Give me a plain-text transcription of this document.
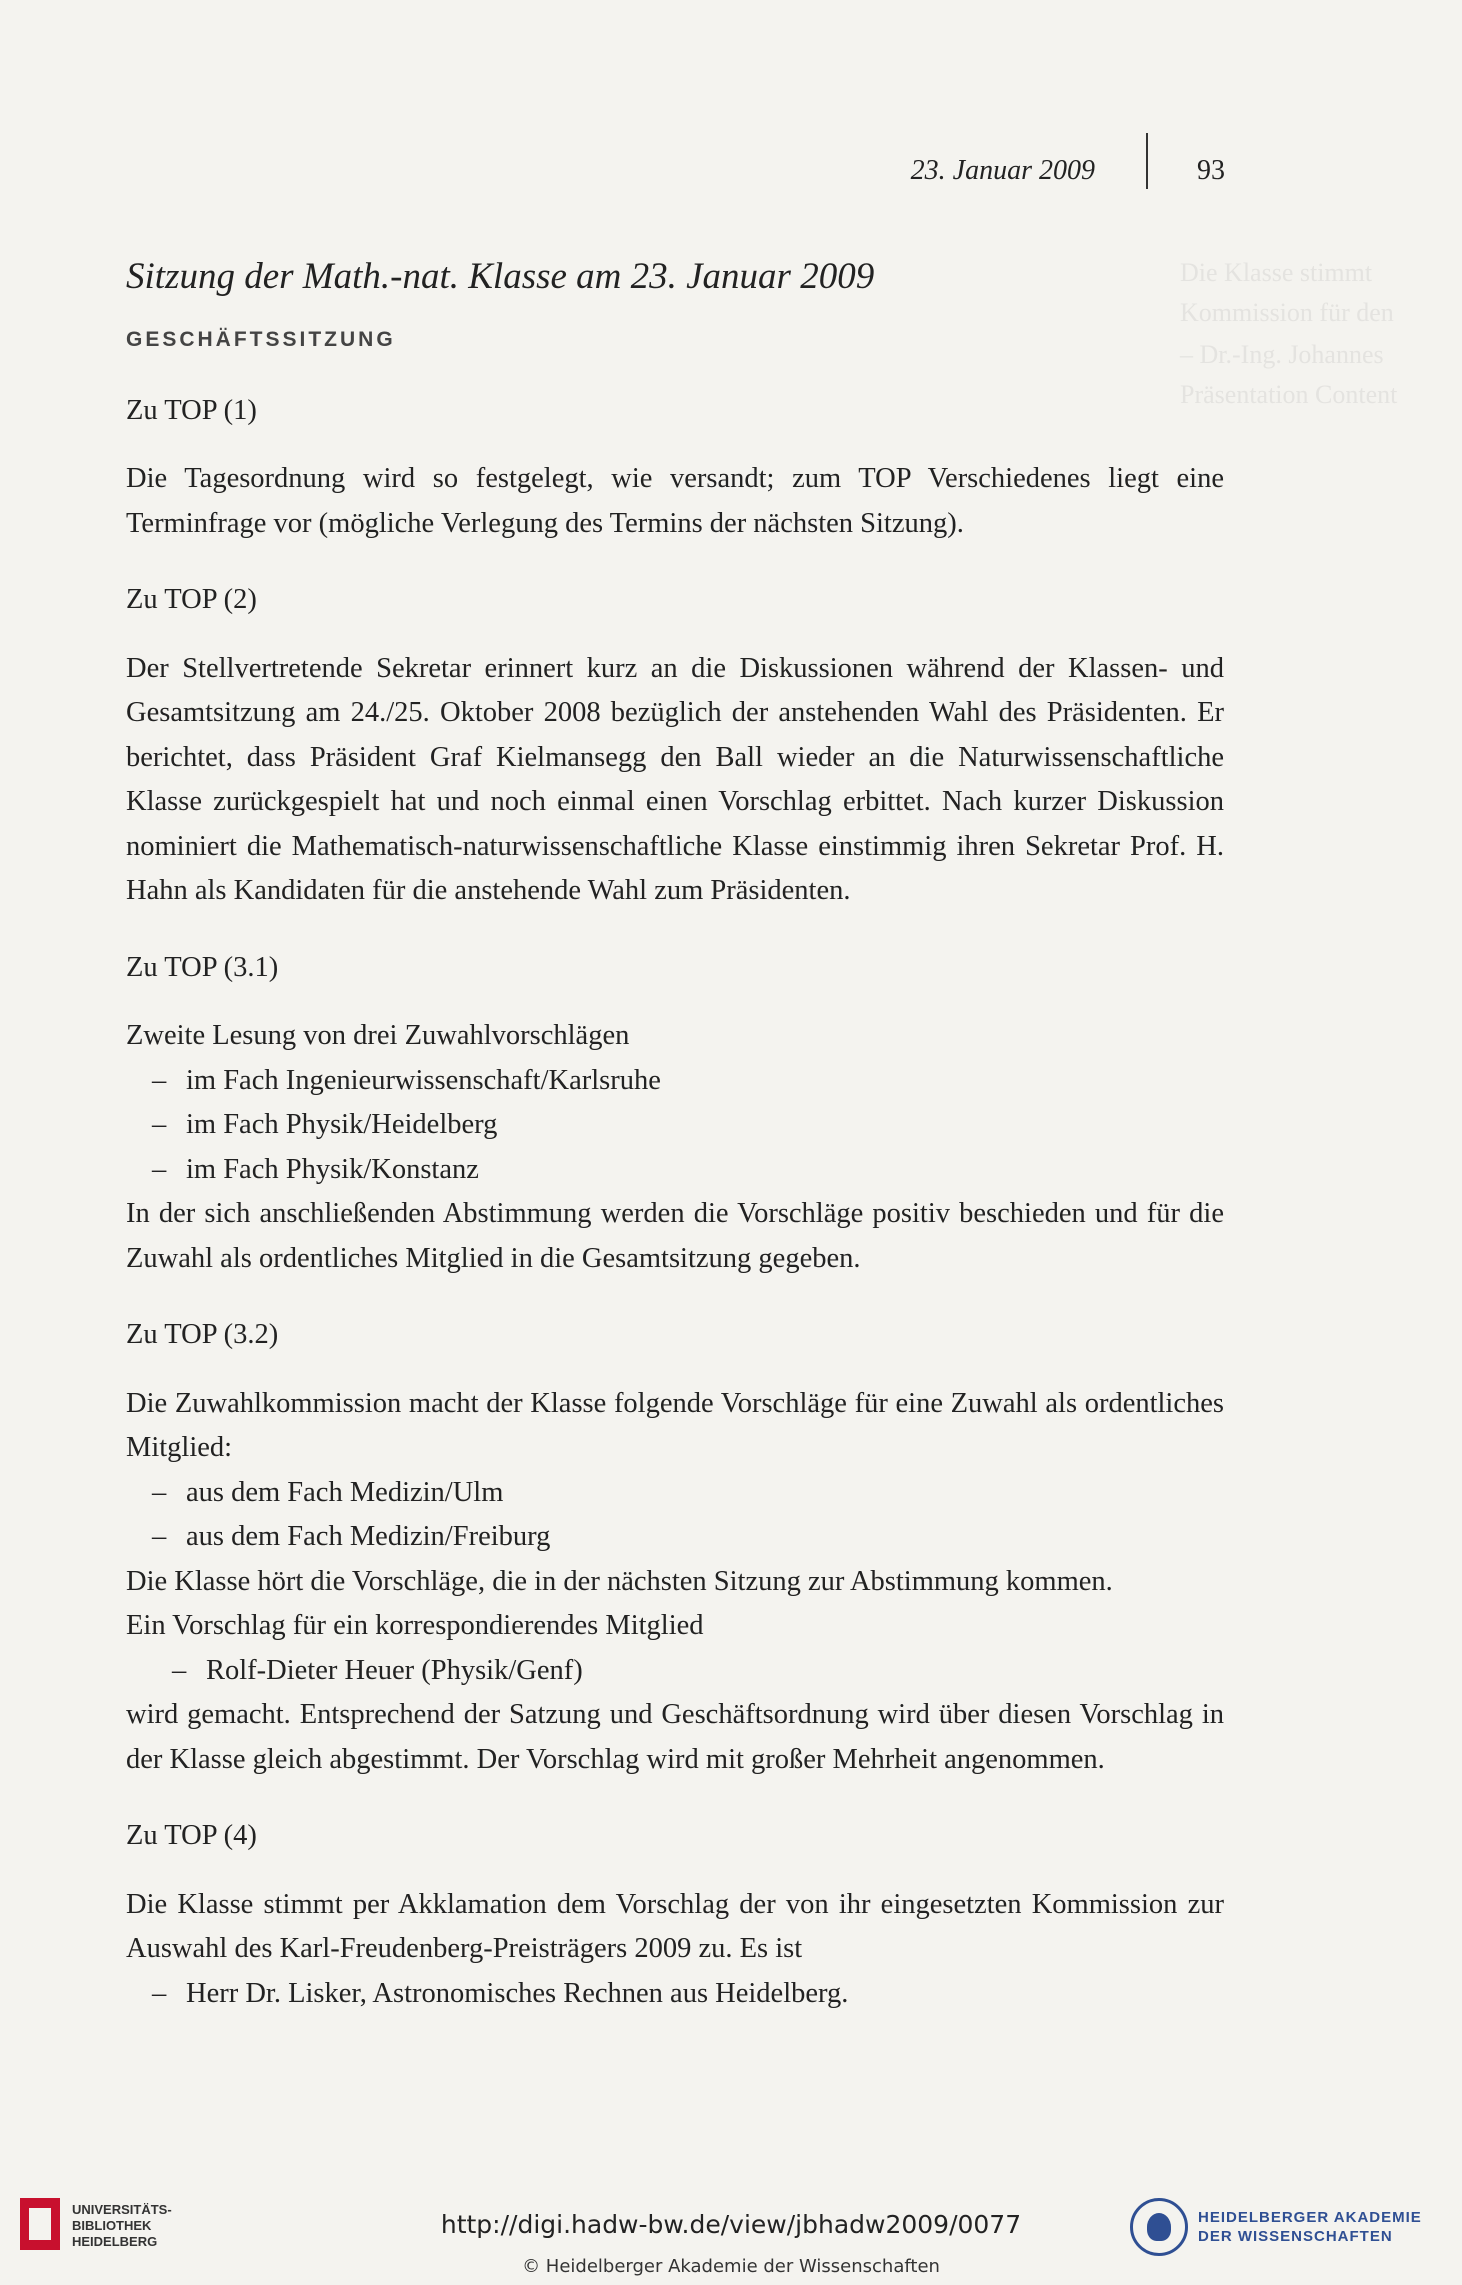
23. Januar 2009	93
Die Klasse stimmt
Kommission für den
– Dr.-Ing. Johannes
Präsentation Content
Sitzung der Math.-nat. Klasse am 23. Januar 2009
GESCHÄFTSSITZUNG

Zu TOP (1)

Die Tagesordnung wird so festgelegt, wie versandt; zum TOP Verschiedenes liegt eine Terminfrage vor (mögliche Verlegung des Termins der nächsten Sitzung).

Zu TOP (2)

Der Stellvertretende Sekretar erinnert kurz an die Diskussionen während der Klassen- und Gesamtsitzung am 24./25. Oktober 2008 bezüglich der anstehenden Wahl des Präsidenten. Er berichtet, dass Präsident Graf Kielmansegg den Ball wieder an die Naturwissenschaftliche Klasse zurückgespielt hat und noch einmal einen Vorschlag erbittet. Nach kurzer Diskussion nominiert die Mathematisch-naturwissenschaftliche Klasse einstimmig ihren Sekretar Prof. H. Hahn als Kandidaten für die anstehende Wahl zum Präsidenten.

Zu TOP (3.1)

Zweite Lesung von drei Zuwahlvorschlägen

– im Fach Ingenieurwissenschaft/Karlsruhe
– im Fach Physik/Heidelberg
– im Fach Physik/Konstanz

In der sich anschließenden Abstimmung werden die Vorschläge positiv beschieden und für die Zuwahl als ordentliches Mitglied in die Gesamtsitzung gegeben.

Zu TOP (3.2)

Die Zuwahlkommission macht der Klasse folgende Vorschläge für eine Zuwahl als ordentliches Mitglied:

– aus dem Fach Medizin/Ulm
– aus dem Fach Medizin/Freiburg

Die Klasse hört die Vorschläge, die in der nächsten Sitzung zur Abstimmung kommen.

Ein Vorschlag für ein korrespondierendes Mitglied

– Rolf-Dieter Heuer (Physik/Genf)

wird gemacht. Entsprechend der Satzung und Geschäftsordnung wird über diesen Vorschlag in der Klasse gleich abgestimmt. Der Vorschlag wird mit großer Mehrheit angenommen.

Zu TOP (4)

Die Klasse stimmt per Akklamation dem Vorschlag der von ihr eingesetzten Kommission zur Auswahl des Karl-Freudenberg-Preisträgers 2009 zu. Es ist

– Herr Dr. Lisker, Astronomisches Rechnen aus Heidelberg.
UNIVERSITÄTS-
BIBLIOTHEK
HEIDELBERG
http://digi.hadw-bw.de/view/jbhadw2009/0077
© Heidelberger Akademie der Wissenschaften
HEIDELBERGER AKADEMIE
DER WISSENSCHAFTEN
